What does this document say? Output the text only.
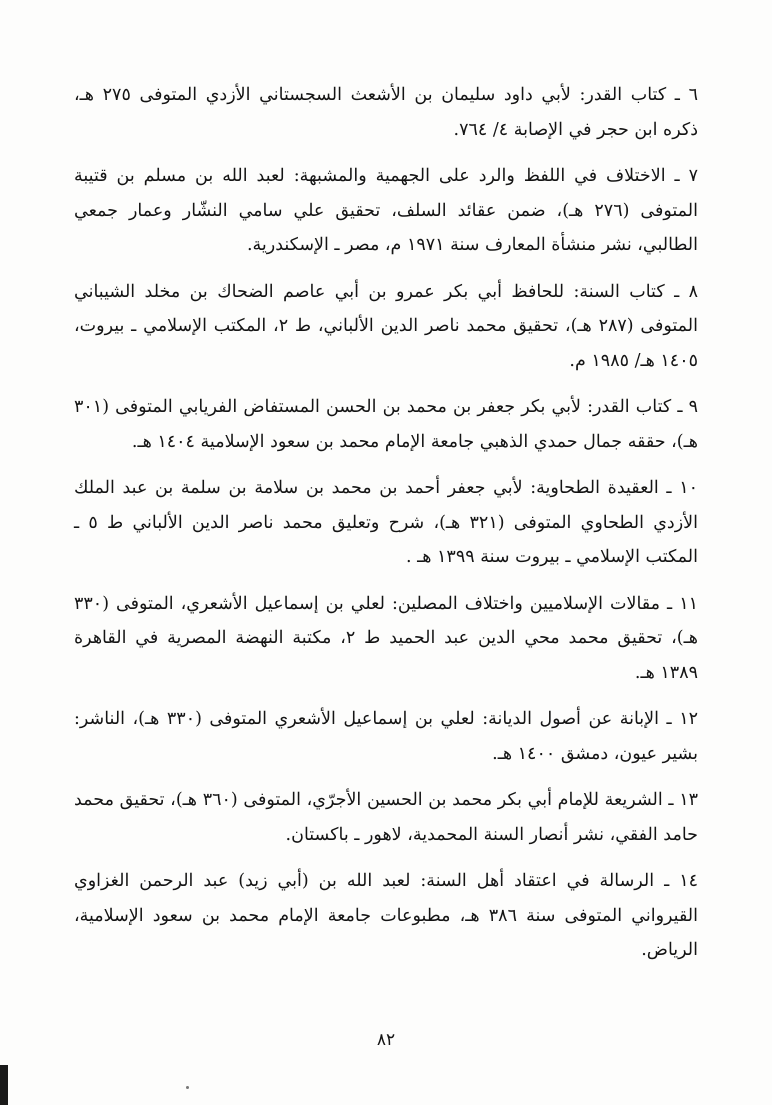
٦ ـ كتاب القدر: لأبي داود سليمان بن الأشعث السجستاني الأزدي المتوفى ٢٧٥ هـ، ذكره ابن حجر في الإصابة ٤/ ٧٦٤.

٧ ـ الاختلاف في اللفظ والرد على الجهمية والمشبهة: لعبد الله بن مسلم بن قتيبة المتوفى (٢٧٦ هـ)، ضمن عقائد السلف، تحقيق علي سامي النشّار وعمار جمعي الطالبي، نشر منشأة المعارف سنة ١٩٧١ م، مصر ـ الإسكندرية.

٨ ـ كتاب السنة: للحافظ أبي بكر عمرو بن أبي عاصم الضحاك بن مخلد الشيباني المتوفى (٢٨٧ هـ)، تحقيق محمد ناصر الدين الألباني، ط ٢، المكتب الإسلامي ـ بيروت، ١٤٠٥ هـ/ ١٩٨٥ م.

٩ ـ كتاب القدر: لأبي بكر جعفر بن محمد بن الحسن المستفاض الفريابي المتوفى (٣٠١ هـ)، حققه جمال حمدي الذهبي جامعة الإمام محمد بن سعود الإسلامية ١٤٠٤ هـ.

١٠ ـ العقيدة الطحاوية: لأبي جعفر أحمد بن محمد بن سلامة بن سلمة بن عبد الملك الأزدي الطحاوي المتوفى (٣٢١ هـ)، شرح وتعليق محمد ناصر الدين الألباني ط ٥ ـ المكتب الإسلامي ـ بيروت سنة ١٣٩٩ هـ .

١١ ـ مقالات الإسلاميين واختلاف المصلين: لعلي بن إسماعيل الأشعري، المتوفى (٣٣٠ هـ)، تحقيق محمد محي الدين عبد الحميد ط ٢، مكتبة النهضة المصرية في القاهرة ١٣٨٩ هـ.

١٢ ـ الإبانة عن أصول الديانة: لعلي بن إسماعيل الأشعري المتوفى (٣٣٠ هـ)، الناشر: بشير عيون، دمشق ١٤٠٠ هـ.

١٣ ـ الشريعة للإمام أبي بكر محمد بن الحسين الأجرّي، المتوفى (٣٦٠ هـ)، تحقيق محمد حامد الفقي، نشر أنصار السنة المحمدية، لاهور ـ باكستان.

١٤ ـ الرسالة في اعتقاد أهل السنة: لعبد الله بن (أبي زيد) عبد الرحمن الغزاوي القيرواني المتوفى سنة ٣٨٦ هـ، مطبوعات جامعة الإمام محمد بن سعود الإسلامية، الرياض.

٨٢
